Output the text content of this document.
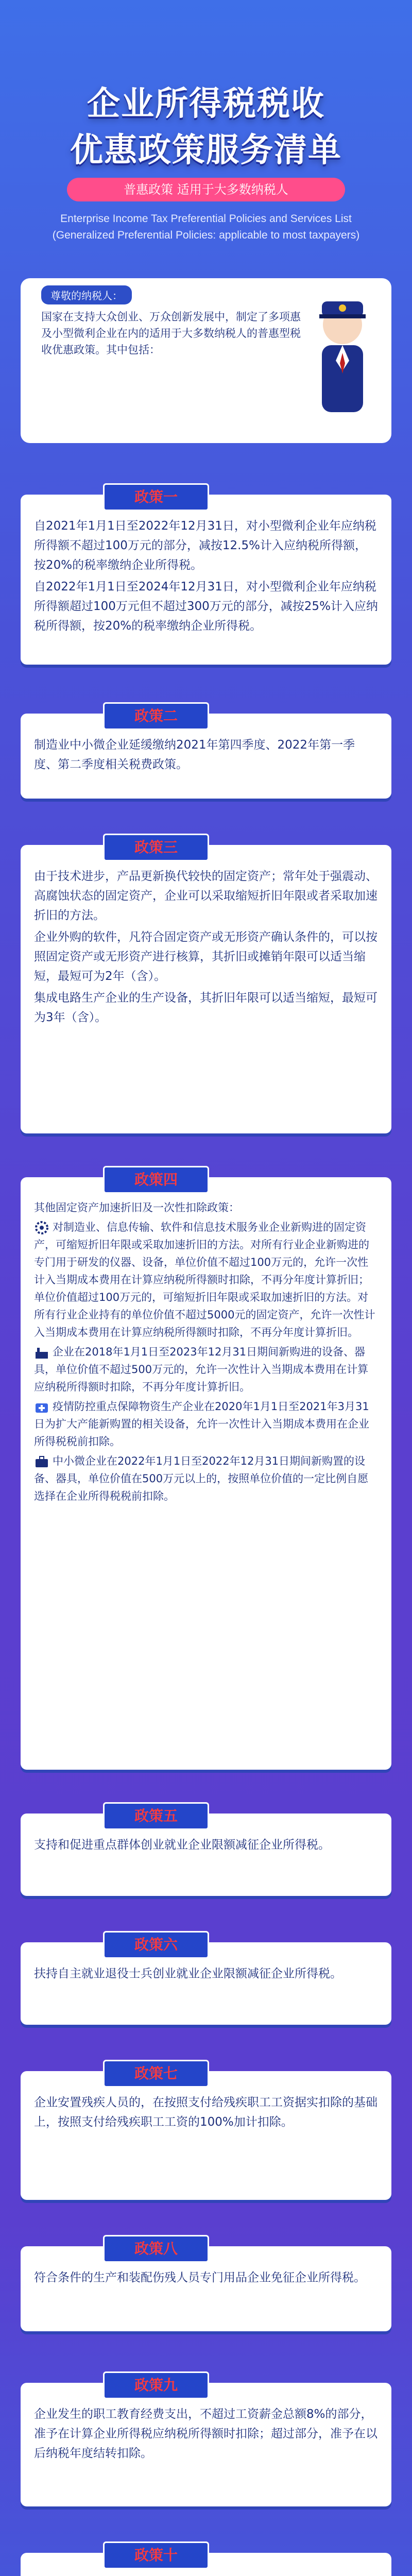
企业所得税税收
优惠政策服务清单
普惠政策 适用于大多数纳税人
Enterprise Income Tax Preferential Policies and Services List
(Generalized Preferential Policies: applicable to most taxpayers)
尊敬的纳税人：
国家在支持大众创业、万众创新发展中，制定了多项惠及小型微利企业在内的适用于大多数纳税人的普惠型税收优惠政策。其中包括：
政策一

自2021年1月1日至2022年12月31日，对小型微利企业年应纳税所得额不超过100万元的部分，减按12.5%计入应纳税所得额，按20%的税率缴纳企业所得税。

自2022年1月1日至2024年12月31日，对小型微利企业年应纳税所得额超过100万元但不超过300万元的部分，减按25%计入应纳税所得额，按20%的税率缴纳企业所得税。

政策二

制造业中小微企业延缓缴纳2021年第四季度、2022年第一季度、第二季度相关税费政策。

政策三

由于技术进步，产品更新换代较快的固定资产；常年处于强震动、高腐蚀状态的固定资产，企业可以采取缩短折旧年限或者采取加速折旧的方法。

企业外购的软件，凡符合固定资产或无形资产确认条件的，可以按照固定资产或无形资产进行核算，其折旧或摊销年限可以适当缩短，最短可为2年（含）。

集成电路生产企业的生产设备，其折旧年限可以适当缩短，最短可为3年（含）。

政策四

其他固定资产加速折旧及一次性扣除政策：

对制造业、信息传输、软件和信息技术服务业企业新购进的固定资产，可缩短折旧年限或采取加速折旧的方法。对所有行业企业新购进的专门用于研发的仪器、设备，单位价值不超过100万元的，允许一次性计入当期成本费用在计算应纳税所得额时扣除，不再分年度计算折旧；单位价值超过100万元的，可缩短折旧年限或采取加速折旧的方法。对所有行业企业持有的单位价值不超过5000元的固定资产，允许一次性计入当期成本费用在计算应纳税所得额时扣除，不再分年度计算折旧。

企业在2018年1月1日至2023年12月31日期间新购进的设备、器具，单位价值不超过500万元的，允许一次性计入当期成本费用在计算应纳税所得额时扣除，不再分年度计算折旧。

疫情防控重点保障物资生产企业在2020年1月1日至2021年3月31日为扩大产能新购置的相关设备，允许一次性计入当期成本费用在企业所得税税前扣除。

中小微企业在2022年1月1日至2022年12月31日期间新购置的设备、器具，单位价值在500万元以上的，按照单位价值的一定比例自愿选择在企业所得税税前扣除。

政策五

支持和促进重点群体创业就业企业限额减征企业所得税。

政策六

扶持自主就业退役士兵创业就业企业限额减征企业所得税。

政策七

企业安置残疾人员的，在按照支付给残疾职工工资据实扣除的基础上，按照支付给残疾职工工资的100%加计扣除。

政策八

符合条件的生产和装配伤残人员专门用品企业免征企业所得税。

政策九

企业发生的职工教育经费支出，不超过工资薪金总额8%的部分，准予在计算企业所得税应纳税所得额时扣除；超过部分，准予在以后纳税年度结转扣除。

政策十
